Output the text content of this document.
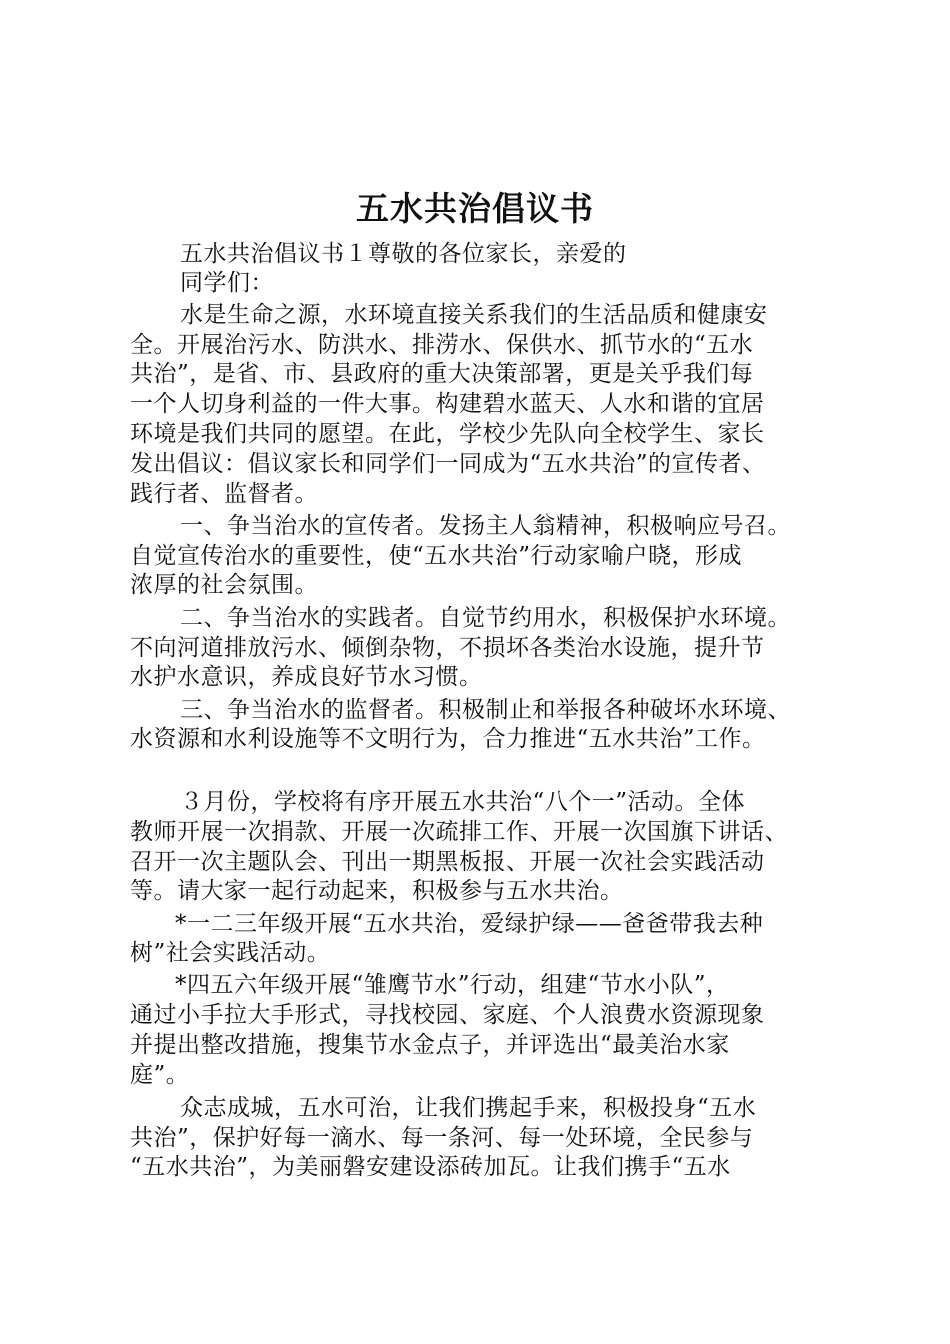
五水共治倡议书
五水共治倡议书１尊敬的各位家长，亲爱的
同学们：
水是生命之源，水环境直接关系我们的生活品质和健康安
全。开展治污水、防洪水、排涝水、保供水、抓节水的“五水
共治”，是省、市、县政府的重大决策部署，更是关乎我们每
一个人切身利益的一件大事。构建碧水蓝天、人水和谐的宜居
环境是我们共同的愿望。在此，学校少先队向全校学生、家长
发出倡议：倡议家长和同学们一同成为“五水共治”的宣传者、
践行者、监督者。
一、争当治水的宣传者。发扬主人翁精神，积极响应号召。
自觉宣传治水的重要性，使“五水共治”行动家喻户晓，形成
浓厚的社会氛围。
二、争当治水的实践者。自觉节约用水，积极保护水环境。
不向河道排放污水、倾倒杂物，不损坏各类治水设施，提升节
水护水意识，养成良好节水习惯。
三、争当治水的监督者。积极制止和举报各种破坏水环境、
水资源和水利设施等不文明行为，合力推进“五水共治”工作。
３月份，学校将有序开展五水共治“八个一”活动。全体
教师开展一次捐款、开展一次疏排工作、开展一次国旗下讲话、
召开一次主题队会、刊出一期黑板报、开展一次社会实践活动
等。请大家一起行动起来，积极参与五水共治。
*一二三年级开展“五水共治，爱绿护绿——爸爸带我去种
树”社会实践活动。
*四五六年级开展“雏鹰节水”行动，组建“节水小队”，
通过小手拉大手形式，寻找校园、家庭、个人浪费水资源现象
并提出整改措施，搜集节水金点子，并评选出“最美治水家
庭”。
众志成城，五水可治，让我们携起手来，积极投身“五水
共治”，保护好每一滴水、每一条河、每一处环境，全民参与
“五水共治”，为美丽磐安建设添砖加瓦。让我们携手“五水
